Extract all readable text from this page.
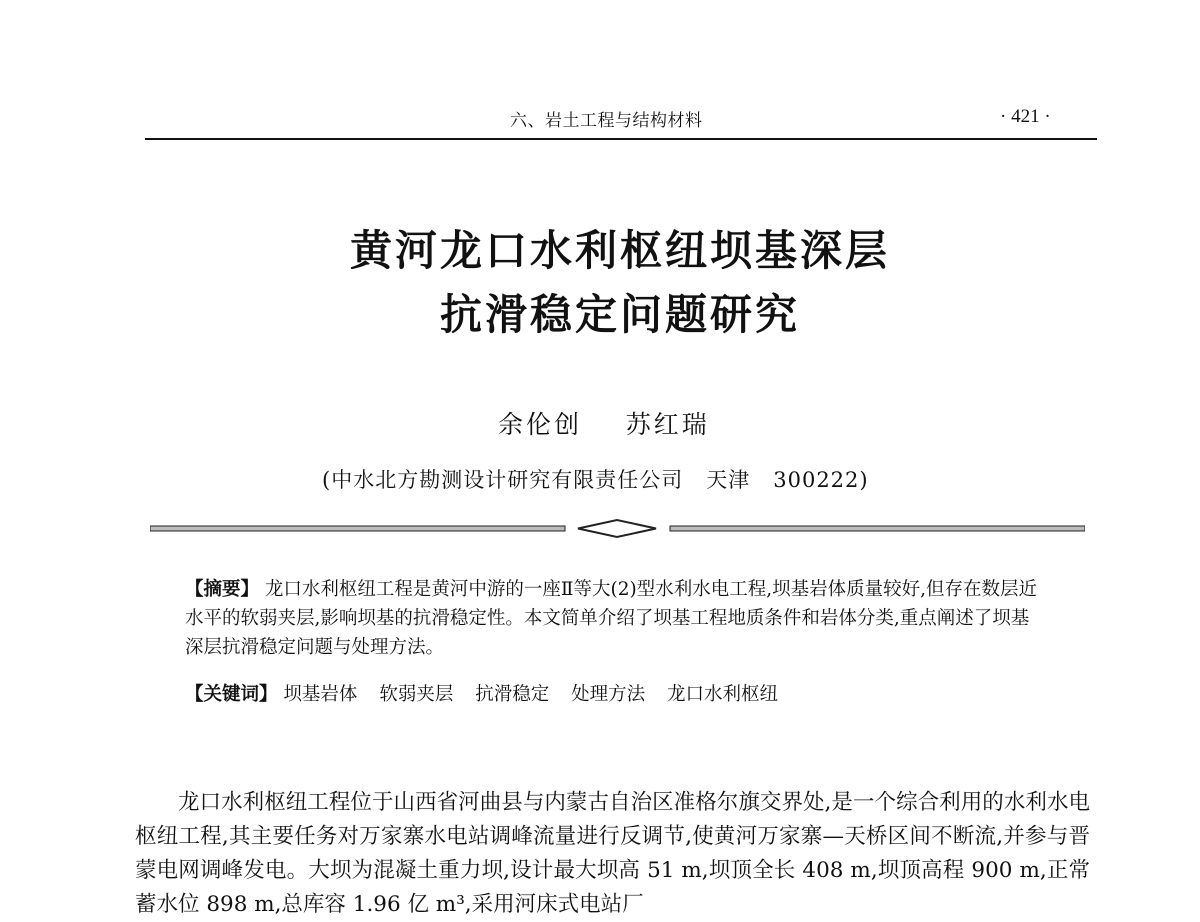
六、岩土工程与结构材料	· 421 ·
黄河龙口水利枢纽坝基深层
抗滑稳定问题研究
余伦创    苏红瑞
(中水北方勘测设计研究有限责任公司   天津   300222)
【摘要】 龙口水利枢纽工程是黄河中游的一座Ⅱ等大(2)型水利水电工程,坝基岩体质量较好,但存在数层近水平的软弱夹层,影响坝基的抗滑稳定性。本文简单介绍了坝基工程地质条件和岩体分类,重点阐述了坝基深层抗滑稳定问题与处理方法。
【关键词】 坝基岩体 软弱夹层 抗滑稳定 处理方法 龙口水利枢纽
龙口水利枢纽工程位于山西省河曲县与内蒙古自治区准格尔旗交界处,是一个综合利用的水利水电枢纽工程,其主要任务对万家寨水电站调峰流量进行反调节,使黄河万家寨—天桥区间不断流,并参与晋蒙电网调峰发电。大坝为混凝土重力坝,设计最大坝高 51 m,坝顶全长 408 m,坝顶高程 900 m,正常蓄水位 898 m,总库容 1.96 亿 m³,采用河床式电站厂
